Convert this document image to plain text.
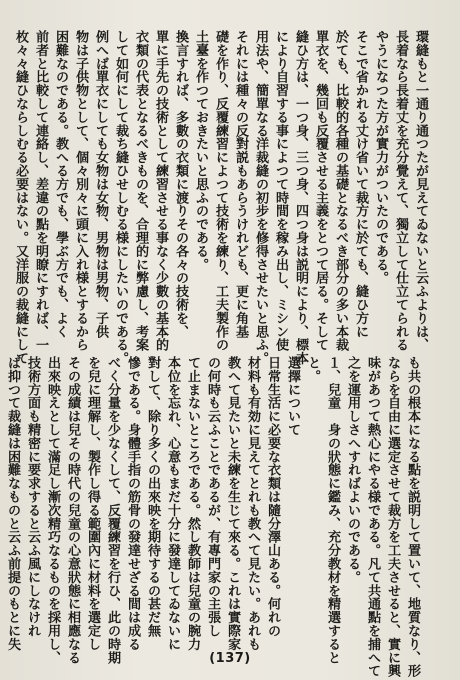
環縫もと一通り通つたが見えてゐないと云ふよりは、
長着なら長着丈を充分覺えて、獨立して仕立てられる
やうになつた方が實力がついたのである。
そこで省かれる丈け省いて裁方に於ても、縫ひ方に
於ても、比較的各種の基礎となるべき部分の多い本裁
單衣を、幾回も反覆させる主義をとつて居る。そして
縫ひ方は、一つ身、三つ身、四つ身は説明により、標本
により自習する事によつて時間を稼み出し、ミシン使
用法や、簡單なる洋裁縫の初步を修得させたいと思ふ。
それには種々の反對説もあらうけれども、更に角基
礎を作り、反覆練習によつて技術を練り、工夫製作の
土臺を作つておきたいと思ふのである。
換言すれば、多數の衣類に渡りその各々の技術を、
單に手先の技術として練習させる事なく少數の基本的
衣類の代表となるべきものを、合理的に弊慮し、考案
して如何にして裁ち縫ひせしむる様にしたいのである。
例へば單衣にしても女物は女物、男物は男物、子供
物は子供物として、個々別々に頭に入れ様とするから
困難なのである。教へる方でも、學ぶ方でも、よく
前者と比較して連絡し、差違の點を明瞭にすれば、一
枚々々縫ひならしむる必要はない。又洋服の裁縫にして
も共の根本になる點を説明して置いて、地質なり、形
ならを自由に選定させて裁方を工夫させると、實に興
味があつて熱心にやる様である。凡て共通點を捕へて
之を運用しさへすればよいのである。
１、兒童　身の狀態に鑑み、充分教材を精選すると
と。
選擇について
日常生活に必要な衣類は隨分澤山ある。何れの
材料も有効に見えてとれも教へて見たい。あれも
教へて見たいと未練を生じて來る。これは實際家
の何時も云ふことであるが、有專門家の主張し
て止まないところである。然し教師は兒童の腕力
本位を忘れ、心意もまだ十分に發達してゐないに
對して、除り多くの出來映を期待するの甚だ無
慘である。身體手指の筋骨の發達せざる間は成る
べく分量を少なくして、反覆練習を行ひ、此の時期
を兒に理解し、製作し得る範圍內に材料を選定し
その成績は兒その時代の兒童の心意狀態に相應なる
出來映えとして滿足し漸次精巧なるものを採用し、
技術方面も精密に要求すると云ふ風にしなけれ
ば抑つて裁縫は困難なものと云ふ前提のもとに失
(137)
